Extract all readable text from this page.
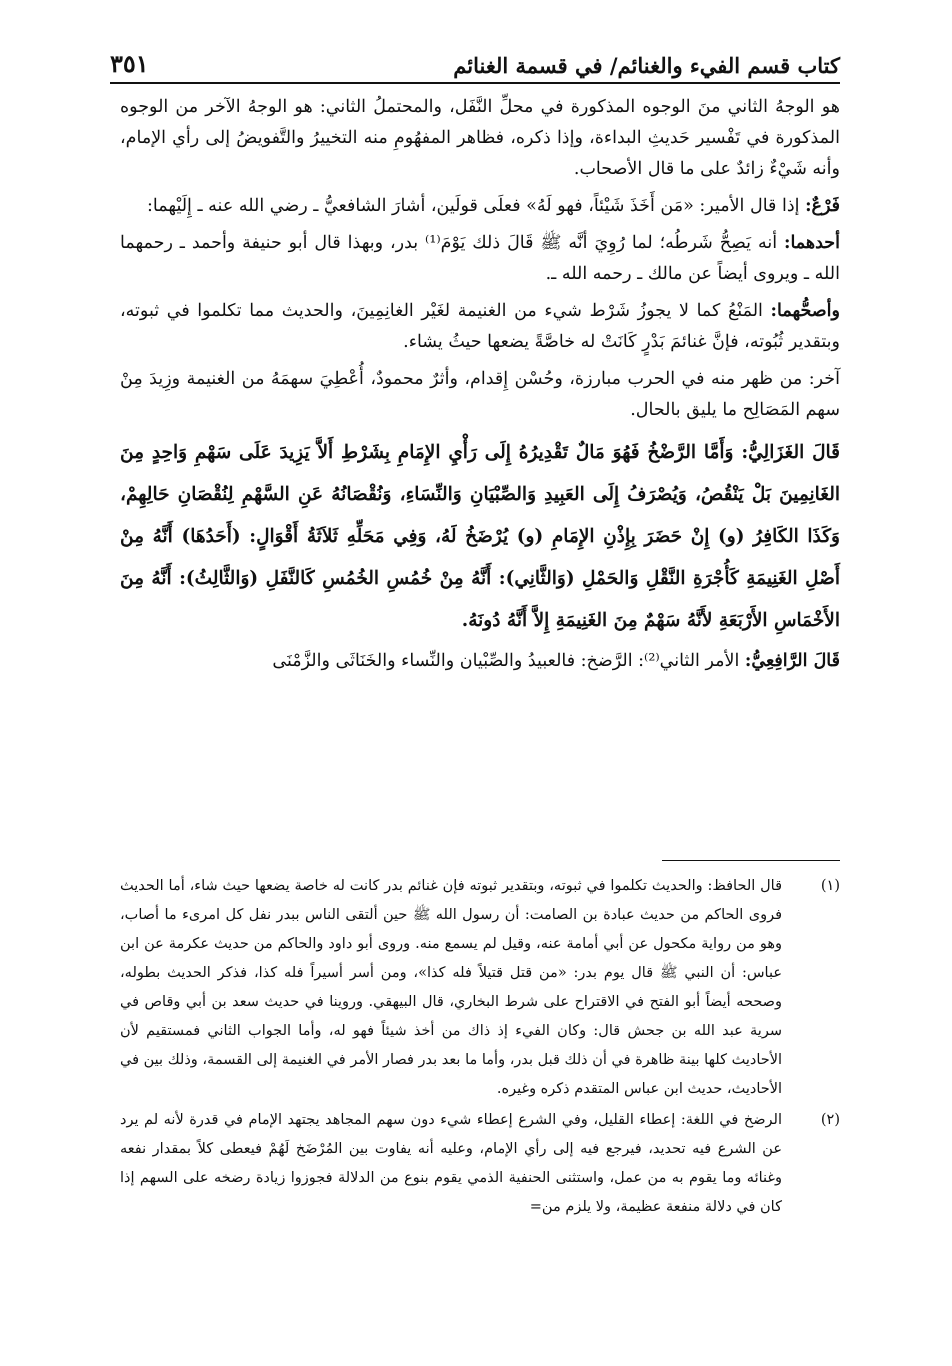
كتاب قسم الفيء والغنائم/ في قسمة الغنائم
٣٥١

هو الوجهُ الثاني منَ الوجوه المذكورة في محلِّ النَّفَل، والمحتملُ الثاني: هو الوجهُ الآخر من الوجوه المذكورة في تَفْسير حَديثِ البداءة، وإذا ذكره، فظاهر المفهُومِ منه التخييرُ والتَّفويضُ إلى رأي الإمام، وأنه شَيْءٌ زائدٌ على ما قال الأصحاب.

فَرْعٌ: إذا قال الأمير: «مَن أَخَذَ شَيْئاً، فهو لَهُ» فعلَى قولَين، أشارَ الشافعيُّ ـ رضي الله عنه ـ إِلَيْهما:

أحدهما: أنه يَصِحُّ شَرطُه؛ لما رُوِيَ أنَّه ﷺ قَالَ ذلك يَوْمَ⁽¹⁾ بدر، وبهذا قال أبو حنيفة وأحمد ـ رحمهما الله ـ ويروى أيضاً عن مالك ـ رحمه الله ـ.

وأصحُّهما: المَنْعُ كما لا يجوزُ شَرْط شيء من الغنيمة لغَيْر الغانِمِينَ، والحديث مما تكلموا في ثبوته، وبتقدير ثُبُوته، فإنَّ غنائمَ بَدْرٍ كَانَتْ له خاصَّةً يضعها حيثُ يشاء.

آخر: من ظهر منه في الحرب مبارزة، وحُسْن إِقدام، وأثرٌ محمودٌ، أُعْطِيَ سهمَهُ من الغنيمة وزِيدَ مِنْ سهم المَصَالِح ما يليق بالحال.

قَالَ الغَزَالِيُّ: وَأَمَّا الرَّضْخُ فَهُوَ مَالٌ تَقْدِيرُهُ إِلَى رَأْيِ الإِمَامِ بِشَرْطِ أَلاَّ يَزِيدَ عَلَى سَهْمِ وَاحِدٍ مِنَ الغَانِمِينَ بَلْ يَنْقُصُ، وَيُصْرَفُ إِلَى العَبِيدِ وَالصِّبْيَانِ وَالنِّسَاءِ، وَنُقْصَانُهُ عَنِ السَّهْمِ لِنُقْصَانِ حَالِهِمْ، وَكَذَا الكَافِرُ (و) إِنْ حَضَرَ بِإِذْنِ الإِمَامِ (و) يُرْضَخُ لَهُ، وَفِي مَحَلِّهِ ثَلاَثَةُ أَقْوَالٍ: (أَحَدُهَا) أَنَّهُ مِنْ أَصْلِ الغَنِيمَةِ كَأُجْرَةِ النَّقْلِ وَالحَمْلِ (وَالثَّانِي): أَنَّهُ مِنْ خُمُسِ الخُمُسِ كَالنَّفَلِ (وَالثَّالِثُ): أَنَّهُ مِنَ الأَخْمَاسِ الأَرْبَعَةِ لأَنَّهُ سَهْمٌ مِنَ الغَنِيمَةِ إِلاَّ أَنَّهُ دُونَهُ.

قَالَ الرَّافِعِيُّ: الأمر الثاني⁽²⁾: الرَّضخ: فالعبيدُ والصِّبْيان والنِّساء والخَنَاثَى والزَّمْنَى

(١)
قال الحافظ: والحديث تكلموا في ثبوته، وبتقدير ثبوته فإن غنائم بدر كانت له خاصة يضعها حيث شاء، أما الحديث فروى الحاكم من حديث عبادة بن الصامت: أن رسول الله ﷺ حين ألتقى الناس ببدر نفل كل امرىء ما أصاب، وهو من رواية مكحول عن أبي أمامة عنه، وقيل لم يسمع منه. وروى أبو داود والحاكم من حديث عكرمة عن ابن عباس: أن النبي ﷺ قال يوم بدر: «من قتل قتيلاً فله كذا»، ومن أسر أسيراً فله كذا، فذكر الحديث بطوله، وصححه أيضاً أبو الفتح في الاقتراح على شرط البخاري، قال البيهقي. وروينا في حديث سعد بن أبي وقاص في سرية عبد الله بن جحش قال: وكان الفيء إذ ذاك من أخذ شيئاً فهو له، وأما الجواب الثاني فمستقيم لأن الأحاديث كلها بينة ظاهرة في أن ذلك قبل بدر، وأما ما بعد بدر فصار الأمر في الغنيمة إلى القسمة، وذلك بين في الأحاديث، حديث ابن عباس المتقدم ذكره وغيره.
(٢)
الرضخ في اللغة: إعطاء القليل، وفي الشرع إعطاء شيء دون سهم المجاهد يجتهد الإمام في قدرة لأنه لم يرد عن الشرع فيه تحديد، فيرجع فيه إلى رأي الإمام، وعليه أنه يفاوت بين المُرْضَخ لَهُمْ فيعطى كلاً بمقدار نفعه وغنائه وما يقوم به من عمل، واستثنى الحنفية الذمي يقوم بنوع من الدلالة فجوزوا زيادة رضخه على السهم إذا كان في دلالة منفعة عظيمة، ولا يلزم من=
